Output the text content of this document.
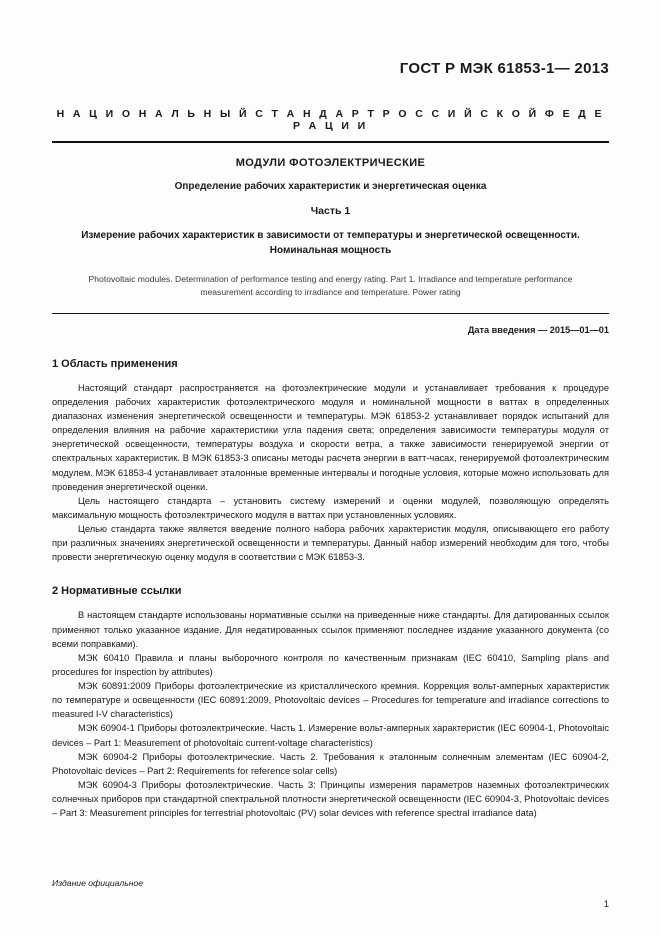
ГОСТ Р МЭК 61853-1— 2013
Н А Ц И О Н А Л Ь Н Ы Й С Т А Н Д А Р Т Р О С С И Й С К О Й Ф Е Д Е Р А Ц И И
МОДУЛИ ФОТОЭЛЕКТРИЧЕСКИЕ
Определение рабочих характеристик и энергетическая оценка
Часть 1
Измерение рабочих характеристик в зависимости от температуры и энергетической освещенности. Номинальная мощность
Photovoltaic modules. Determination of performance testing and energy rating. Part 1. Irradiance and temperature performance measurement according to irradiance and temperature. Power rating
Дата введения — 2015—01—01
1 Область применения

Настоящий стандарт распространяется на фотоэлектрические модули и устанавливает требования к процедуре определения рабочих характеристик фотоэлектрического модуля и номинальной мощности в ваттах в определенных диапазонах изменения энергетической освещенности и температуры. МЭК 61853-2 устанавливает порядок испытаний для определения влияния на рабочие характеристики угла падения света; определения зависимости температуры модуля от энергетической освещенности, температуры воздуха и скорости ветра, а также зависимости генерируемой энергии от спектральных характеристик. В МЭК 61853-3 описаны методы расчета энергии в ватт-часах, генерируемой фотоэлектрическим модулем. МЭК 61853-4 устанавливает эталонные временные интервалы и погодные условия, которые можно использовать для проведения энергетической оценки.

Цель настоящего стандарта – установить систему измерений и оценки модулей, позволяющую определять максимальную мощность фотоэлектрического модуля в ваттах при установленных условиях.

Целью стандарта также является введение полного набора рабочих характеристик модуля, описывающего его работу при различных значениях энергетической освещенности и температуры. Данный набор измерений необходим для того, чтобы провести энергетическую оценку модуля в соответствии с МЭК 61853-3.

2 Нормативные ссылки

В настоящем стандарте использованы нормативные ссылки на приведенные ниже стандарты. Для датированных ссылок применяют только указанное издание. Для недатированных ссылок применяют последнее издание указанного документа (со всеми поправками).

МЭК 60410 Правила и планы выборочного контроля по качественным признакам (IEC 60410, Sampling plans and procedures for inspection by attributes)

МЭК 60891:2009 Приборы фотоэлектрические из кристаллического кремния. Коррекция вольт-амперных характеристик по температуре и освещенности (IEC 60891:2009, Photovoltaic devices – Procedures for temperature and irradiance corrections to measured I-V characteristics)

МЭК 60904-1 Приборы фотоэлектрические. Часть 1. Измерение вольт-амперных характеристик (IEC 60904-1, Photovoltaic devices – Part 1: Measurement of photovoltaic current-voltage characteristics)

МЭК 60904-2 Приборы фотоэлектрические. Часть 2. Требования к эталонным солнечным элементам (IEC 60904-2, Photovoltaic devices – Part 2: Requirements for reference solar cells)

МЭК 60904-3 Приборы фотоэлектрические. Часть 3: Принципы измерения параметров наземных фотоэлектрических солнечных приборов при стандартной спектральной плотности энергетической освещенности (IEC 60904-3, Photovoltaic devices – Part 3: Measurement principles for terrestrial photovoltaic (PV) solar devices with reference spectral irradiance data)

Издание официальное
1
